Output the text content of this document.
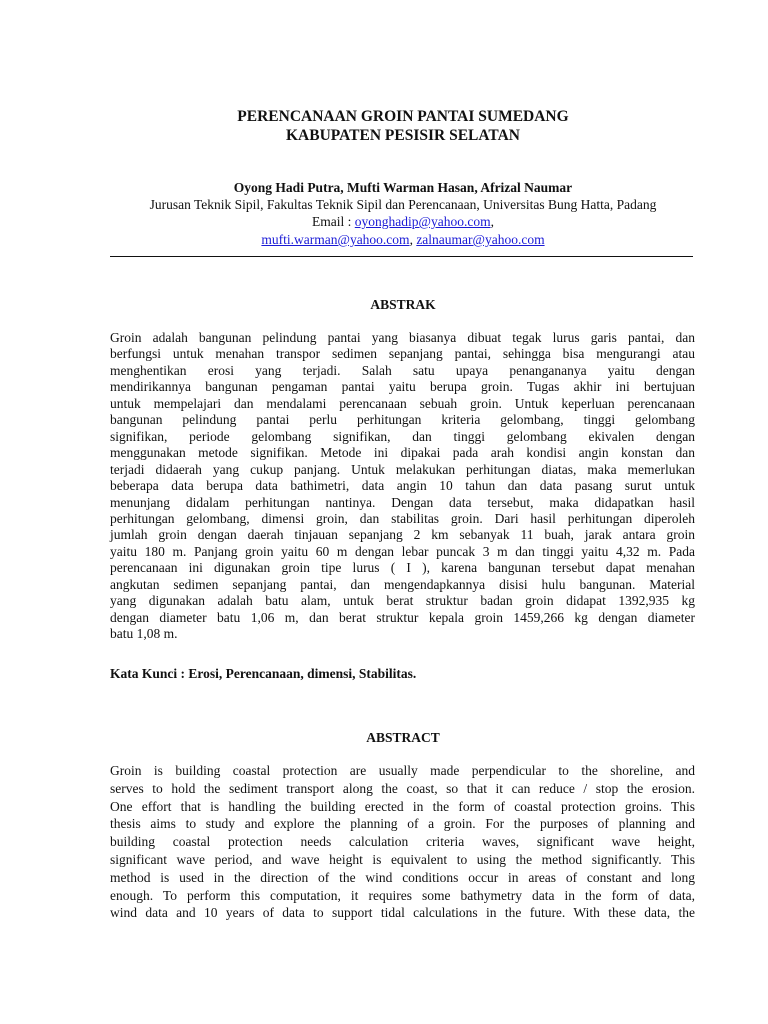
PERENCANAAN GROIN PANTAI SUMEDANG
KABUPATEN PESISIR SELATAN
Oyong Hadi Putra, Mufti Warman Hasan, Afrizal Naumar
Jurusan Teknik Sipil, Fakultas Teknik Sipil dan Perencanaan, Universitas Bung Hatta, Padang
Email : oyonghadip@yahoo.com,
mufti.warman@yahoo.com, zalnaumar@yahoo.com
ABSTRAK
Groin adalah bangunan pelindung pantai yang biasanya dibuat tegak lurus garis pantai, dan
berfungsi untuk menahan transpor sedimen sepanjang pantai, sehingga bisa mengurangi atau
menghentikan erosi yang terjadi. Salah satu upaya penangananya yaitu dengan
mendirikannya bangunan pengaman pantai yaitu berupa groin. Tugas akhir ini bertujuan
untuk mempelajari dan mendalami perencanaan sebuah groin. Untuk keperluan perencanaan
bangunan pelindung pantai perlu perhitungan kriteria gelombang, tinggi gelombang
signifikan, periode gelombang signifikan, dan tinggi gelombang ekivalen dengan
menggunakan metode signifikan. Metode ini dipakai pada arah kondisi angin konstan dan
terjadi didaerah yang cukup panjang. Untuk melakukan perhitungan diatas, maka memerlukan
beberapa data berupa data bathimetri, data angin 10 tahun dan data pasang surut untuk
menunjang didalam perhitungan nantinya. Dengan data tersebut, maka didapatkan hasil
perhitungan gelombang, dimensi groin, dan stabilitas groin. Dari hasil perhitungan diperoleh
jumlah groin dengan daerah tinjauan sepanjang 2 km sebanyak 11 buah, jarak antara groin
yaitu 180 m. Panjang groin yaitu 60 m dengan lebar puncak 3 m dan tinggi yaitu 4,32 m. Pada
perencanaan ini digunakan groin tipe lurus ( I ), karena bangunan tersebut dapat menahan
angkutan sedimen sepanjang pantai, dan mengendapkannya disisi hulu bangunan. Material
yang digunakan adalah batu alam, untuk berat struktur badan groin didapat 1392,935 kg
dengan diameter batu 1,06 m, dan berat struktur kepala groin 1459,266 kg dengan diameter
batu 1,08 m.
Kata Kunci : Erosi, Perencanaan, dimensi, Stabilitas.
ABSTRACT
Groin is building coastal protection are usually made perpendicular to the shoreline, and
serves to hold the sediment transport along the coast, so that it can reduce / stop the erosion.
One effort that is handling the building erected in the form of coastal protection groins. This
thesis aims to study and explore the planning of a groin. For the purposes of planning and
building coastal protection needs calculation criteria waves, significant wave height,
significant wave period, and wave height is equivalent to using the method significantly. This
method is used in the direction of the wind conditions occur in areas of constant and long
enough. To perform this computation, it requires some bathymetry data in the form of data,
wind data and 10 years of data to support tidal calculations in the future. With these data, the
